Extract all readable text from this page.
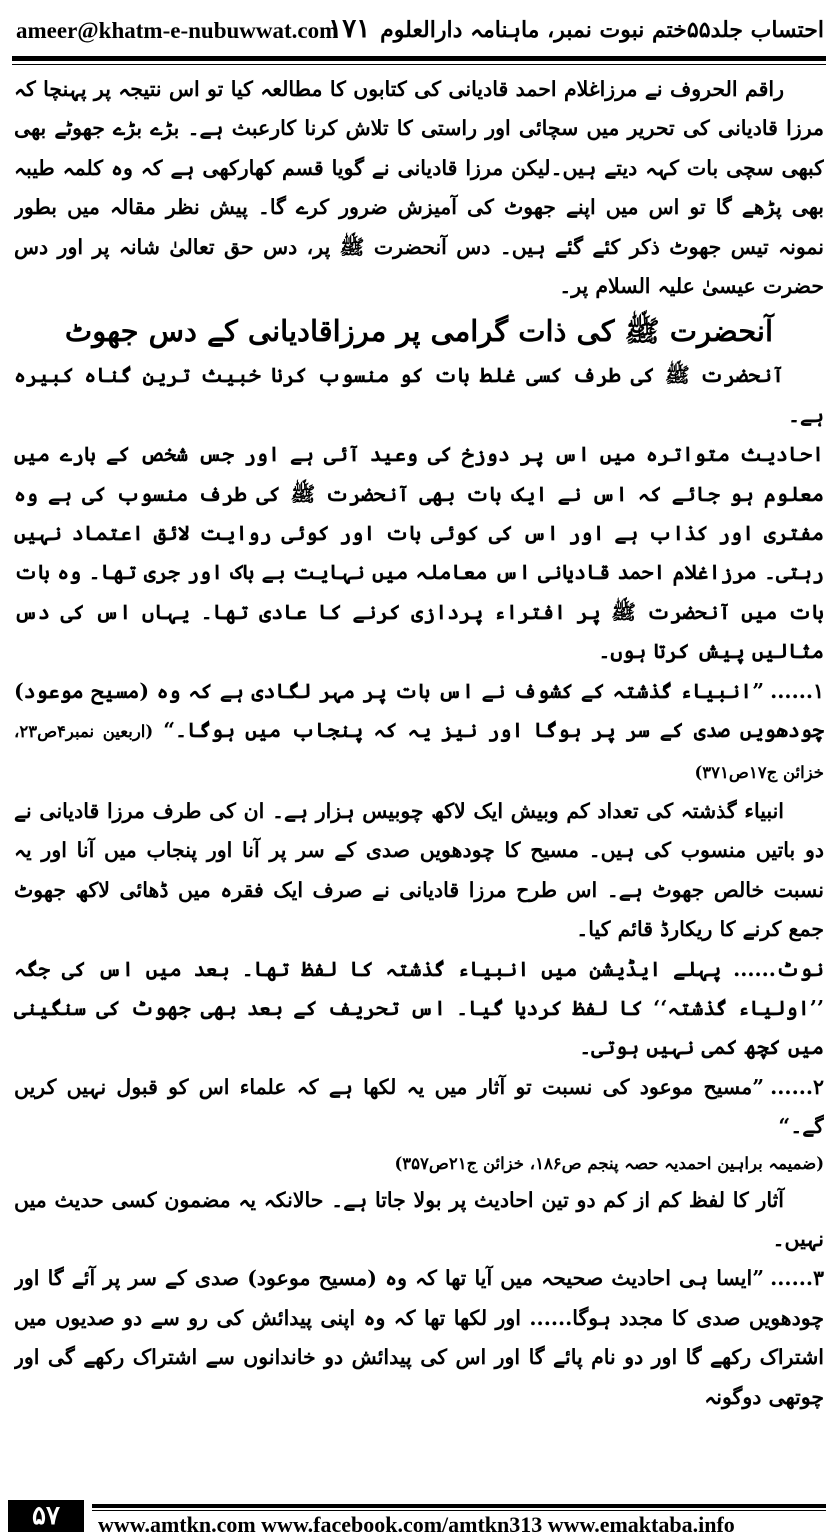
ameer@khatm-e-nubuwwat.com	احتساب جلد۵۵ختم نبوت نمبر، ماہنامہ دارالعلوم۱۷۱

راقم الحروف نے مرزاغلام احمد قادیانی کی کتابوں کا مطالعہ کیا تو اس نتیجہ پر پہنچا کہ مرزا قادیانی کی تحریر میں سچائی اور راستی کا تلاش کرنا کارعبث ہے۔ بڑے بڑے جھوٹے بھی کبھی سچی بات کہہ دیتے ہیں۔لیکن مرزا قادیانی نے گویا قسم کھارکھی ہے کہ وہ کلمہ طیبہ بھی پڑھے گا تو اس میں اپنے جھوٹ کی آمیزش ضرور کرے گا۔ پیش نظر مقالہ میں بطور نمونہ تیس جھوٹ ذکر کئے گئے ہیں۔ دس آنحضرت ﷺ پر، دس حق تعالیٰ شانہ پر اور دس حضرت عیسیٰ علیہ السلام پر۔

آنحضرت ﷺ کی ذات گرامی پر مرزاقادیانی کے دس جھوٹ

آنحضرت ﷺ کی طرف کسی غلط بات کو منسوب کرنا خبیث ترین گناہ کبیرہ ہے۔

احادیث متواترہ میں اس پر دوزخ کی وعید آئی ہے اور جس شخص کے بارے میں معلوم ہو جائے کہ اس نے ایک بات بھی آنحضرت ﷺ کی طرف منسوب کی ہے وہ مفتری اور کذاب ہے اور اس کی کوئی بات اور کوئی روایت لائق اعتماد نہیں رہتی۔ مرزاغلام احمد قادیانی اس معاملہ میں نہایت بے باک اور جری تھا۔ وہ بات بات میں آنحضرت ﷺ پر افتراء پردازی کرنے کا عادی تھا۔ یہاں اس کی دس مثالیں پیش کرتا ہوں۔

۱......”انبیاء گذشتہ کے کشوف نے اس بات پر مہر لگادی ہے کہ وہ (مسیح موعود) چودھویں صدی کے سر پر ہوگا اور نیز یہ کہ پنجاب میں ہوگا۔“ (اربعین نمبر۴ص۲۳، خزائن ج۱۷ص۳۷۱)

انبیاء گذشتہ کی تعداد کم وبیش ایک لاکھ چوبیس ہزار ہے۔ ان کی طرف مرزا قادیانی نے دو باتیں منسوب کی ہیں۔ مسیح کا چودھویں صدی کے سر پر آنا اور پنجاب میں آنا اور یہ نسبت خالص جھوٹ ہے۔ اس طرح مرزا قادیانی نے صرف ایک فقرہ میں ڈھائی لاکھ جھوٹ جمع کرنے کا ریکارڈ قائم کیا۔

نوٹ...... پہلے ایڈیشن میں انبیاء گذشتہ کا لفظ تھا۔ بعد میں اس کی جگہ ’’اولیاء گذشتہ‘‘ کا لفظ کردیا گیا۔ اس تحریف کے بعد بھی جھوٹ کی سنگینی میں کچھ کمی نہیں ہوتی۔

۲......”مسیح موعود کی نسبت تو آثار میں یہ لکھا ہے کہ علماء اس کو قبول نہیں کریں گے۔“

(ضمیمہ براہین احمدیہ حصہ پنجم ص۱۸۶، خزائن ج۲۱ص۳۵۷)

آثار کا لفظ کم از کم دو تین احادیث پر بولا جاتا ہے۔ حالانکہ یہ مضمون کسی حدیث میں نہیں۔

۳......”ایسا ہی احادیث صحیحہ میں آیا تھا کہ وہ (مسیح موعود) صدی کے سر پر آئے گا اور چودھویں صدی کا مجدد ہوگا...... اور لکھا تھا کہ وہ اپنی پیدائش کی رو سے دو صدیوں میں اشتراک رکھے گا اور دو نام پائے گا اور اس کی پیدائش دو خاندانوں سے اشتراک رکھے گی اور چوتھی دوگونہ

۵۷	www.amtkn.com www.facebook.com/amtkn313 www.emaktaba.info
